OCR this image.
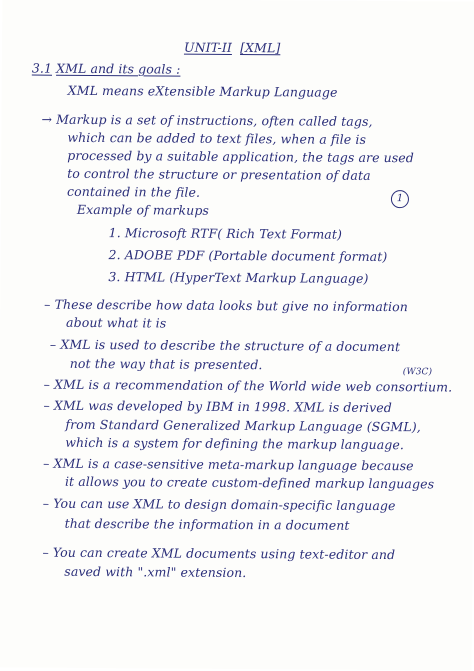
UNIT-II [XML]
3.1 XML and its goals :
XML means eXtensible Markup Language
→ Markup is a set of instructions, often called tags,
which can be added to text files, when a file is
processed by a suitable application, the tags are used
to control the structure or presentation of data
contained in the file.	1
Example of markups
1. Microsoft RTF( Rich Text Format)
2. ADOBE PDF (Portable document format)
3. HTML (HyperText Markup Language)
– These describe how data looks but give no information
about what it is
– XML is used to describe the structure of a document
not the way that is presented.
(W3C)
– XML is a recommendation of the World wide web consortium.
– XML was developed by IBM in 1998. XML is derived
from Standard Generalized Markup Language (SGML),
which is a system for defining the markup language.
– XML is a case-sensitive meta-markup language because
it allows you to create custom-defined markup languages
– You can use XML to design domain-specific language
that describe the information in a document
– You can create XML documents using text-editor and
saved with ".xml" extension.
